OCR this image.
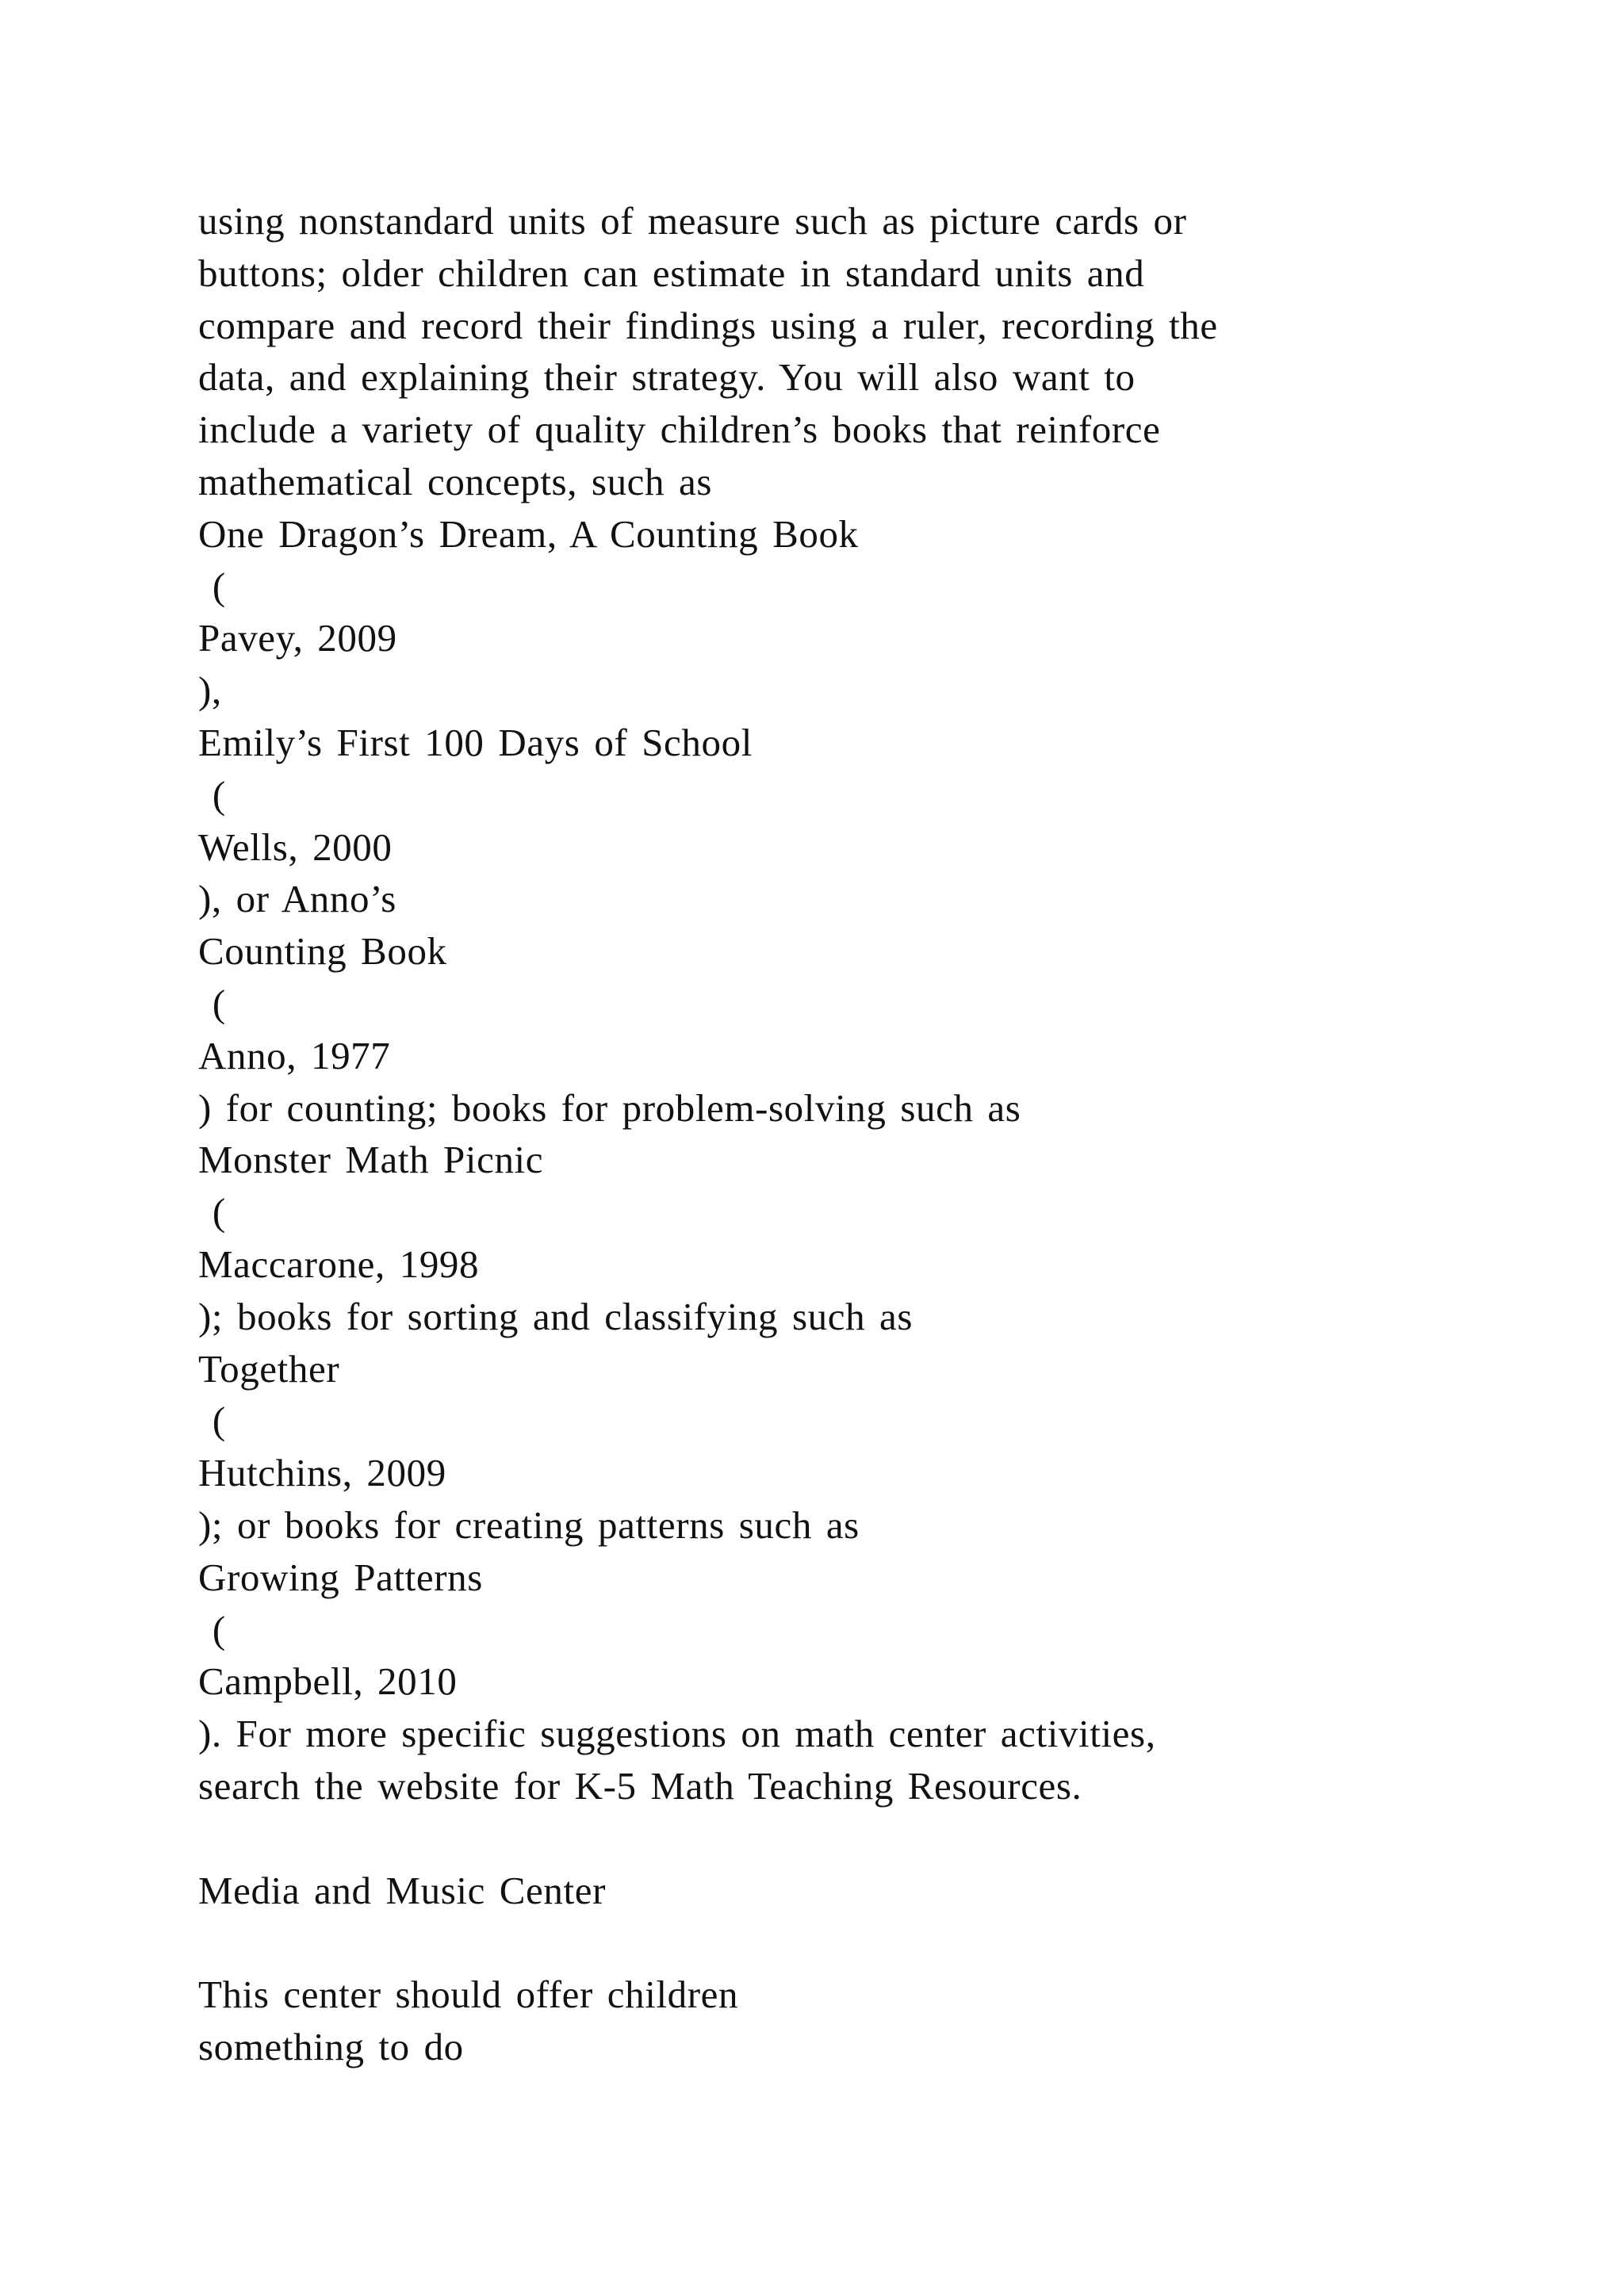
using nonstandard units of measure such as picture cards or
buttons; older children can estimate in standard units and
compare and record their findings using a ruler, recording the
data, and explaining their strategy. You will also want to
include a variety of quality children’s books that reinforce
mathematical concepts, such as
One Dragon’s Dream, A Counting Book
(
Pavey, 2009
),
Emily’s First 100 Days of School
(
Wells, 2000
), or Anno’s
Counting Book
(
Anno, 1977
) for counting; books for problem-solving such as
Monster Math Picnic
(
Maccarone, 1998
); books for sorting and classifying such as
Together
(
Hutchins, 2009
); or books for creating patterns such as
Growing Patterns
(
Campbell, 2010
). For more specific suggestions on math center activities,
search the website for K-5 Math Teaching Resources.
Media and Music Center
This center should offer children
something to do
